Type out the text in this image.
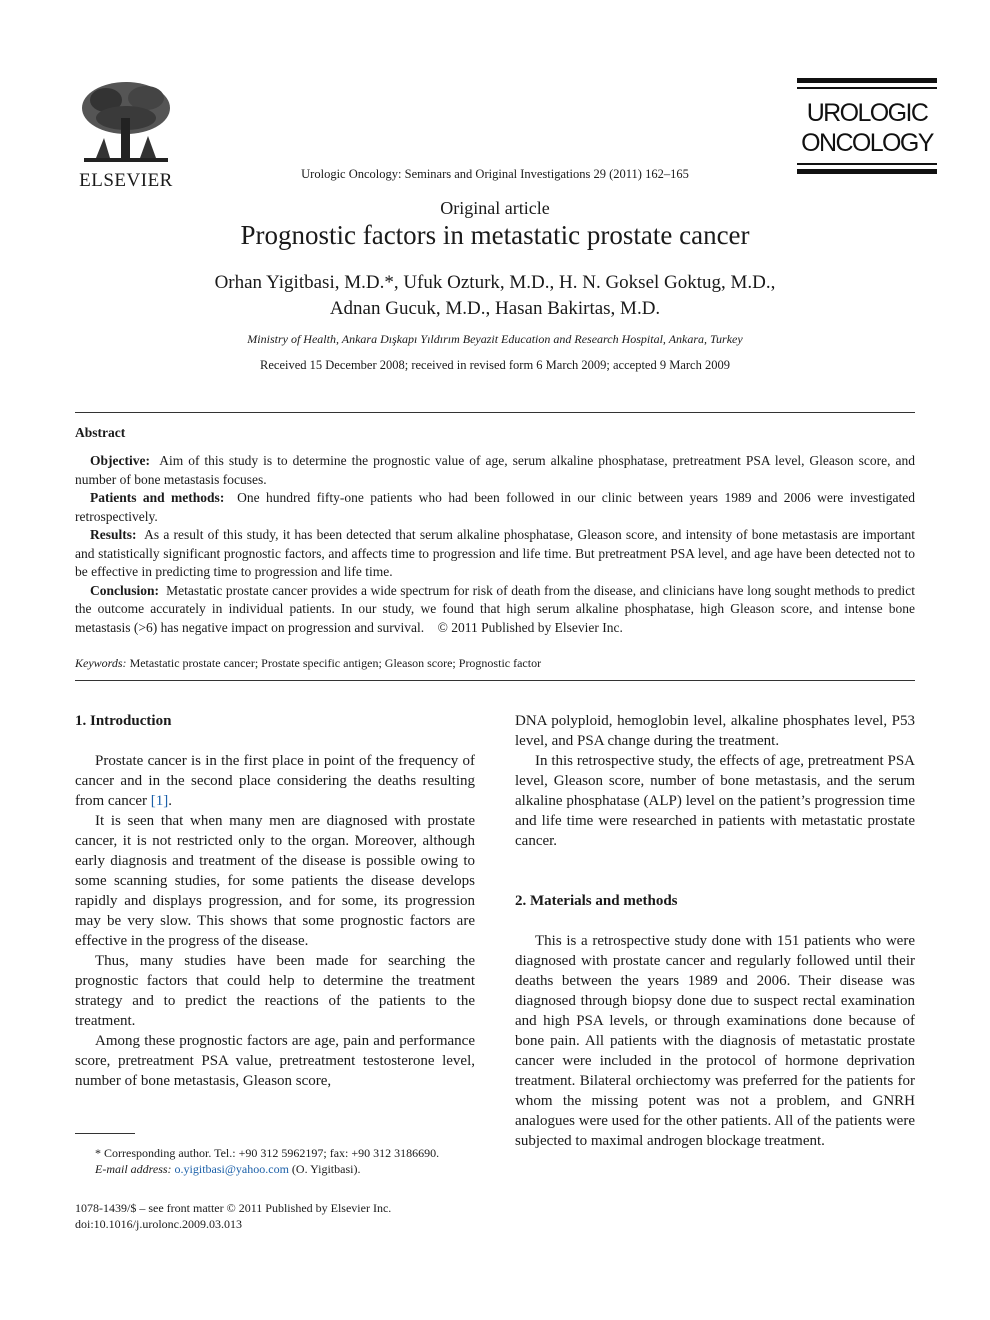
ELSEVIER	Urologic Oncology: Seminars and Original Investigations 29 (2011) 162–165
UROLOGIC
ONCOLOGY
Original article
Prognostic factors in metastatic prostate cancer
Orhan Yigitbasi, M.D.*, Ufuk Ozturk, M.D., H. N. Goksel Goktug, M.D.,
Adnan Gucuk, M.D., Hasan Bakirtas, M.D.
Ministry of Health, Ankara Dışkapı Yıldırım Beyazit Education and Research Hospital, Ankara, Turkey
Received 15 December 2008; received in revised form 6 March 2009; accepted 9 March 2009
Abstract

Objective: Aim of this study is to determine the prognostic value of age, serum alkaline phosphatase, pretreatment PSA level, Gleason score, and number of bone metastasis focuses.

Patients and methods: One hundred fifty-one patients who had been followed in our clinic between years 1989 and 2006 were investigated retrospectively.

Results: As a result of this study, it has been detected that serum alkaline phosphatase, Gleason score, and intensity of bone metastasis are important and statistically significant prognostic factors, and affects time to progression and life time. But pretreatment PSA level, and age have been detected not to be effective in predicting time to progression and life time.

Conclusion: Metastatic prostate cancer provides a wide spectrum for risk of death from the disease, and clinicians have long sought methods to predict the outcome accurately in individual patients. In our study, we found that high serum alkaline phosphatase, high Gleason score, and intense bone metastasis (>6) has negative impact on progression and survival. © 2011 Published by Elsevier Inc.

Keywords: Metastatic prostate cancer; Prostate specific antigen; Gleason score; Prognostic factor
1. Introduction

Prostate cancer is in the first place in point of the frequency of cancer and in the second place considering the deaths resulting from cancer [1].

It is seen that when many men are diagnosed with prostate cancer, it is not restricted only to the organ. Moreover, although early diagnosis and treatment of the disease is possible owing to some scanning studies, for some patients the disease develops rapidly and displays progression, and for some, its progression may be very slow. This shows that some prognostic factors are effective in the progress of the disease.

Thus, many studies have been made for searching the prognostic factors that could help to determine the treatment strategy and to predict the reactions of the patients to the treatment.

Among these prognostic factors are age, pain and performance score, pretreatment PSA value, pretreatment testosterone level, number of bone metastasis, Gleason score,

DNA polyploid, hemoglobin level, alkaline phosphates level, P53 level, and PSA change during the treatment.

In this retrospective study, the effects of age, pretreatment PSA level, Gleason score, number of bone metastasis, and the serum alkaline phosphatase (ALP) level on the patient’s progression time and life time were researched in patients with metastatic prostate cancer.

2. Materials and methods

This is a retrospective study done with 151 patients who were diagnosed with prostate cancer and regularly followed until their deaths between the years 1989 and 2006. Their disease was diagnosed through biopsy done due to suspect rectal examination and high PSA levels, or through examinations done because of bone pain. All patients with the diagnosis of metastatic prostate cancer were included in the protocol of hormone deprivation treatment. Bilateral orchiectomy was preferred for the patients for whom the missing potent was not a problem, and GNRH analogues were used for the other patients. All of the patients were subjected to maximal androgen blockage treatment.

* Corresponding author. Tel.: +90 312 5962197; fax: +90 312 3186690.
E-mail address: o.yigitbasi@yahoo.com (O. Yigitbasi).
1078-1439/$ – see front matter © 2011 Published by Elsevier Inc.
doi:10.1016/j.urolonc.2009.03.013
